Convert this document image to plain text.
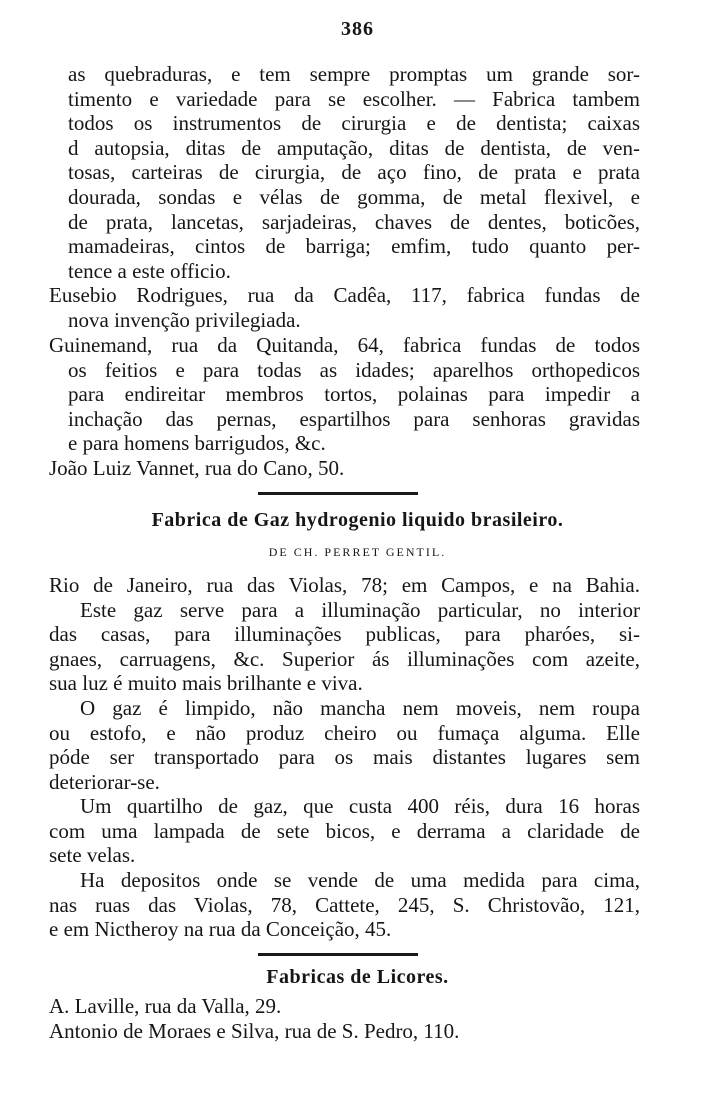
386
as quebraduras, e tem sempre promptas um grande sor-
timento e variedade para se escolher. — Fabrica tambem
todos os instrumentos de cirurgia e de dentista; caixas
d autopsia, ditas de amputação, ditas de dentista, de ven-
tosas, carteiras de cirurgia, de aço fino, de prata e prata
dourada, sondas e vélas de gomma, de metal flexivel, e
de prata, lancetas, sarjadeiras, chaves de dentes, boticões,
mamadeiras, cintos de barriga; emfim, tudo quanto per-
tence a este officio.
Eusebio Rodrigues, rua da Cadêa, 117, fabrica fundas de
nova invenção privilegiada.
Guinemand, rua da Quitanda, 64, fabrica fundas de todos
os feitios e para todas as idades; aparelhos orthopedicos
para endireitar membros tortos, polainas para impedir a
inchação das pernas, espartilhos para senhoras gravidas
e para homens barrigudos, &c.
João Luiz Vannet, rua do Cano, 50.
Fabrica de Gaz hydrogenio liquido brasileiro.
DE CH. PERRET GENTIL.
Rio de Janeiro, rua das Violas, 78; em Campos, e na Bahia.
Este gaz serve para a illuminação particular, no interior
das casas, para illuminações publicas, para pharóes, si-
gnaes, carruagens, &c. Superior ás illuminações com azeite,
sua luz é muito mais brilhante e viva.
O gaz é limpido, não mancha nem moveis, nem roupa
ou estofo, e não produz cheiro ou fumaça alguma. Elle
póde ser transportado para os mais distantes lugares sem
deteriorar-se.
Um quartilho de gaz, que custa 400 réis, dura 16 horas
com uma lampada de sete bicos, e derrama a claridade de
sete velas.
Ha depositos onde se vende de uma medida para cima,
nas ruas das Violas, 78, Cattete, 245, S. Christovão, 121,
e em Nictheroy na rua da Conceição, 45.
Fabricas de Licores.
A. Laville, rua da Valla, 29.
Antonio de Moraes e Silva, rua de S. Pedro, 110.
